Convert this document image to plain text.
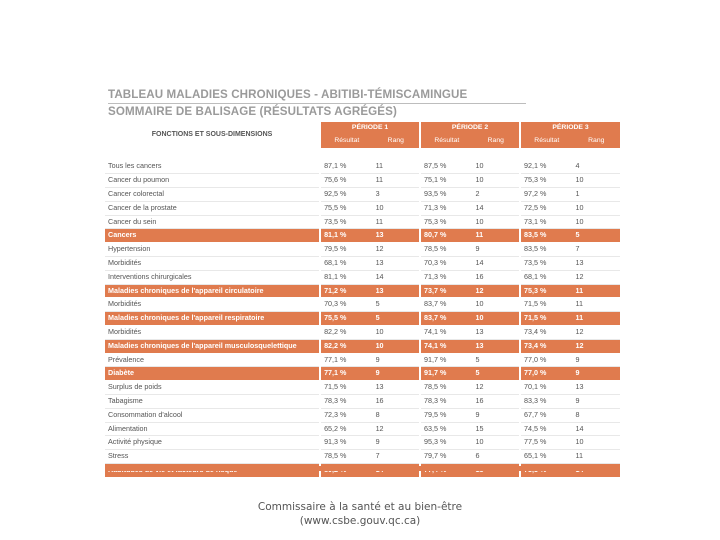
TABLEAU MALADIES CHRONIQUES - ABITIBI-TÉMISCAMINGUE
SOMMAIRE DE BALISAGE (RÉSULTATS AGRÉGÉS)
FONCTIONS ET SOUS-DIMENSIONS	PÉRIODE 1		PÉRIODE 2		PÉRIODE 3	
	Résultat	Rang	Résultat	Rang	Résultat	Rang

Tous les cancers	87,1 %	11	87,5 %	10	92,1 %	4
Cancer du poumon	75,6 %	11	75,1 %	10	75,3 %	10
Cancer colorectal	92,5 %	3	93,5 %	2	97,2 %	1
Cancer de la prostate	75,5 %	10	71,3 %	14	72,5 %	10
Cancer du sein	73,5 %	11	75,3 %	10	73,1 %	10
Cancers	81,1 %	13	80,7 %	11	83,5 %	5
Hypertension	79,5 %	12	78,5 %	9	83,5 %	7
Morbidités	68,1 %	13	70,3 %	14	73,5 %	13
Interventions chirurgicales	81,1 %	14	71,3 %	16	68,1 %	12
Maladies chroniques de l'appareil circulatoire	71,2 %	13	73,7 %	12	75,3 %	11
Morbidités	70,3 %	5	83,7 %	10	71,5 %	11
Maladies chroniques de l'appareil respiratoire	75,5 %	5	83,7 %	10	71,5 %	11
Morbidités	82,2 %	10	74,1 %	13	73,4 %	12
Maladies chroniques de l'appareil musculosquelettique	82,2 %	10	74,1 %	13	73,4 %	12
Prévalence	77,1 %	9	91,7 %	5	77,0 %	9
Diabète	77,1 %	9	91,7 %	5	77,0 %	9
Surplus de poids	71,5 %	13	78,5 %	12	70,1 %	13
Tabagisme	78,3 %	16	78,3 %	16	83,3 %	9
Consommation d'alcool	72,3 %	8	79,5 %	9	67,7 %	8
Alimentation	65,2 %	12	63,5 %	15	74,5 %	14
Activité physique	91,3 %	9	95,3 %	10	77,5 %	10
Stress	78,5 %	7	79,7 %	6	65,1 %	11

Commissaire à la santé et au bien-être
(www.csbe.gouv.qc.ca)
